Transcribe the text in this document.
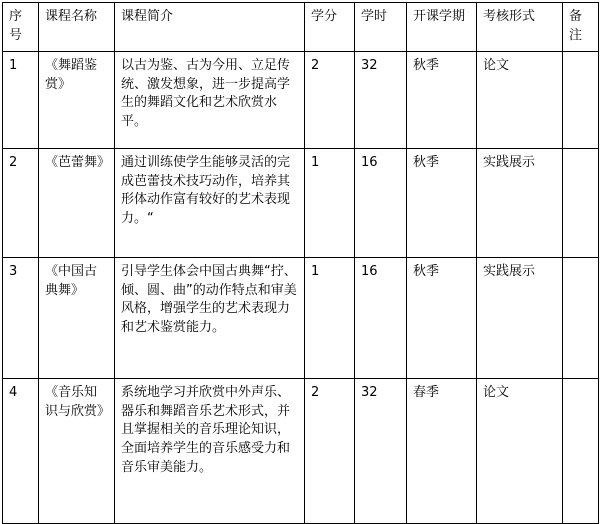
序号	课程名称	课程简介	学分	学时	开课学期	考核形式	备注
1	《舞蹈鉴赏》	以古为鉴、古为今用、立足传统、激发想象，进一步提高学生的舞蹈文化和艺术欣赏水平。	2	32	秋季	论文	
2	《芭蕾舞》	通过训练使学生能够灵活的完成芭蕾技术技巧动作，培养其形体动作富有较好的艺术表现力。“	1	16	秋季	实践展示	
3	《中国古典舞》	引导学生体会中国古典舞“拧、倾、圆、曲”的动作特点和审美风格，增强学生的艺术表现力和艺术鉴赏能力。	1	16	秋季	实践展示	
4	《音乐知识与欣赏》	系统地学习并欣赏中外声乐、器乐和舞蹈音乐艺术形式，并且掌握相关的音乐理论知识，全面培养学生的音乐感受力和音乐审美能力。	2	32	春季	论文	
